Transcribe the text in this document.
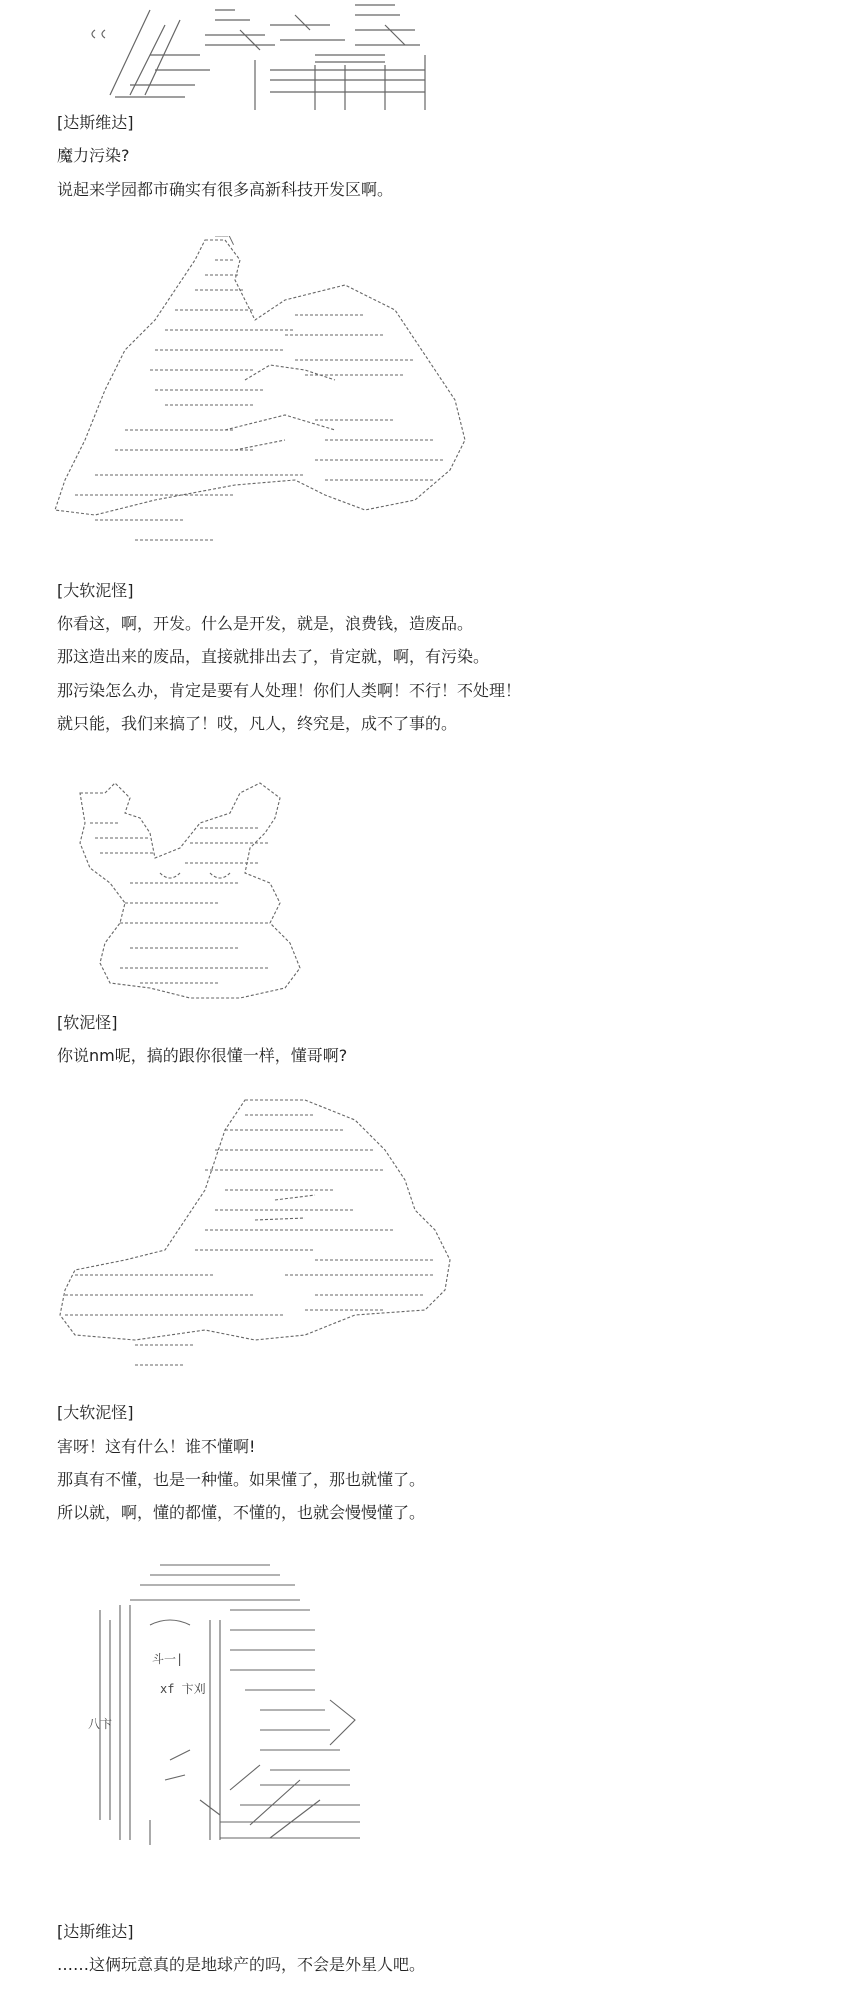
[达斯维达]
魔力污染?
说起来学园都市确实有很多高新科技开发区啊。
‾‾\
[大软泥怪]
你看这，啊，开发。什么是开发，就是，浪费钱，造废品。
那这造出来的废品，直接就排出去了，肯定就，啊，有污染。
那污染怎么办，肯定是要有人处理！你们人类啊！不行！不处理！
就只能，我们来搞了！哎，凡人，终究是，成不了事的。
[软泥怪]
你说nm呢，搞的跟你很懂一样，懂哥啊?
[大软泥怪]
害呀！这有什么！谁不懂啊!
那真有不懂，也是一种懂。如果懂了，那也就懂了。
所以就，啊，懂的都懂，不懂的，也就会慢慢懂了。
斗一|
xf 卞刈
八卞
[达斯维达]
……这俩玩意真的是地球产的吗，不会是外星人吧。
